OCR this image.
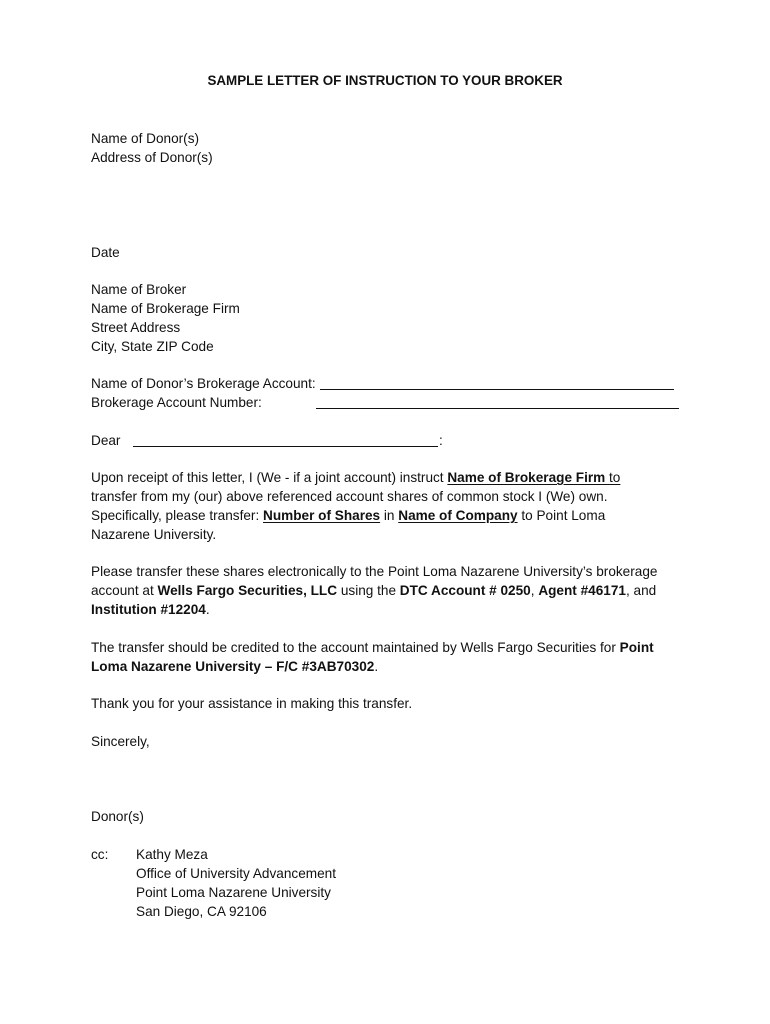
SAMPLE LETTER OF INSTRUCTION TO YOUR BROKER
Name of Donor(s)
Address of Donor(s)
Date
Name of Broker
Name of Brokerage Firm
Street Address
City, State ZIP Code
Name of Donor’s Brokerage Account:
Brokerage Account Number:
Dear	:
Upon receipt of this letter, I (We - if a joint account) instruct Name of Brokerage Firm to
transfer from my (our) above referenced account shares of common stock I (We) own.
Specifically, please transfer: Number of Shares in Name of Company to Point Loma
Nazarene University.
Please transfer these shares electronically to the Point Loma Nazarene University’s brokerage
account at Wells Fargo Securities, LLC using the DTC Account # 0250, Agent #46171, and
Institution #12204.
The transfer should be credited to the account maintained by Wells Fargo Securities for Point
Loma Nazarene University – F/C #3AB70302.
Thank you for your assistance in making this transfer.
Sincerely,
Donor(s)
cc: Kathy Meza
Office of University Advancement
Point Loma Nazarene University
San Diego, CA 92106
